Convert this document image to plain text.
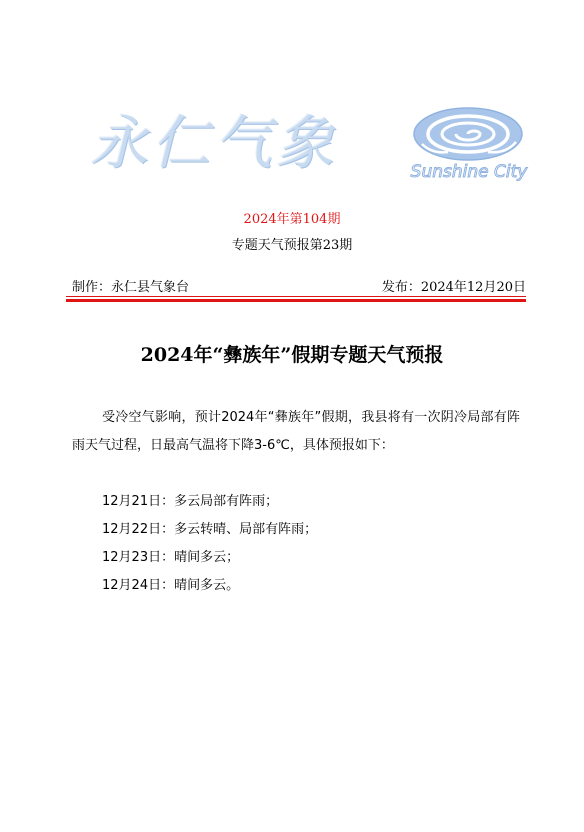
永仁气象	Sunshine City
2024年第104期
专题天气预报第23期
制作：永仁县气象台	发布：2024年12月20日
2024年“彝族年”假期专题天气预报
受冷空气影响，预计2024年“彝族年”假期，我县将有一次阴冷局部有阵雨天气过程，日最高气温将下降3-6℃，具体预报如下：
12月21日：多云局部有阵雨；
12月22日：多云转晴、局部有阵雨；
12月23日：晴间多云；
12月24日：晴间多云。
